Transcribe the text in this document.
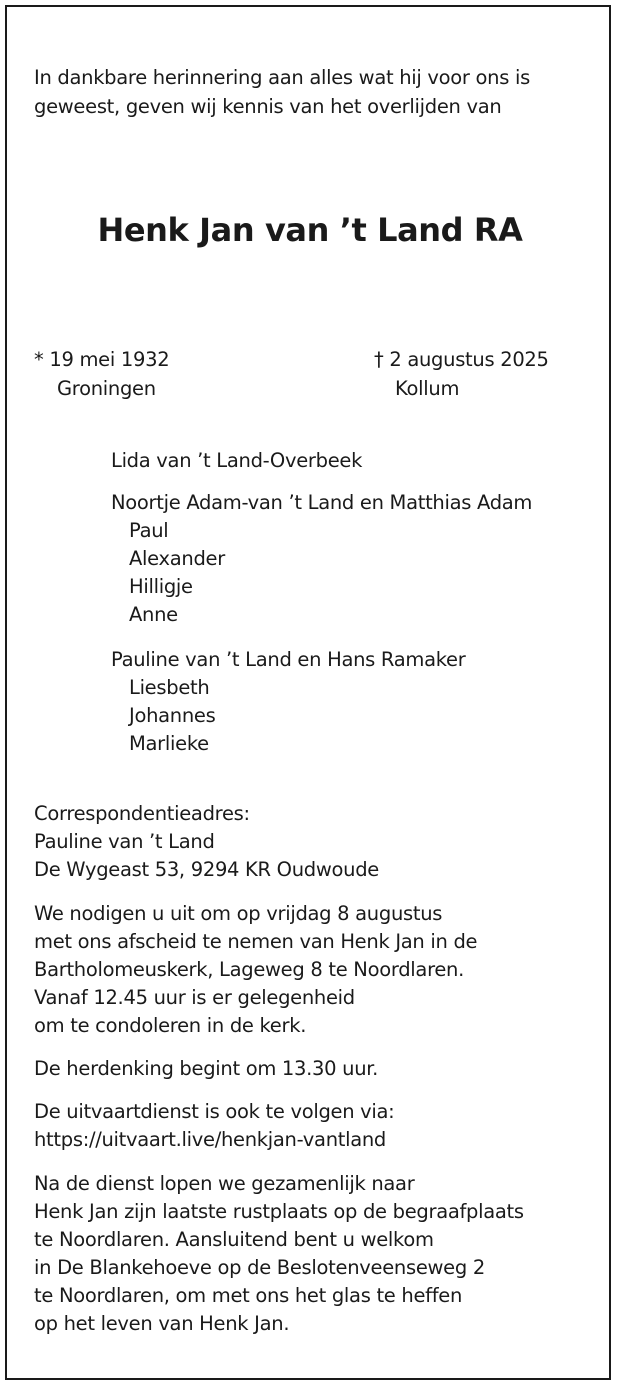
In dankbare herinnering aan alles wat hij voor ons is

geweest, geven wij kennis van het overlijden van

Henk Jan van ’t Land RA

* 19 mei 1932

Groningen

† 2 augustus 2025

Kollum

Lida van ’t Land-Overbeek

Noortje Adam-van ’t Land en Matthias Adam

Paul

Alexander

Hilligje

Anne

Pauline van ’t Land en Hans Ramaker

Liesbeth

Johannes

Marlieke

Correspondentieadres:

Pauline van ’t Land

De Wygeast 53, 9294 KR Oudwoude

We nodigen u uit om op vrijdag 8 augustus

met ons afscheid te nemen van Henk Jan in de

Bartholomeuskerk, Lageweg 8 te Noordlaren.

Vanaf 12.45 uur is er gelegenheid

om te condoleren in de kerk.

De herdenking begint om 13.30 uur.

De uitvaartdienst is ook te volgen via:

https://uitvaart.live/henkjan-vantland

Na de dienst lopen we gezamenlijk naar

Henk Jan zijn laatste rustplaats op de begraafplaats

te Noordlaren. Aansluitend bent u welkom

in De Blankehoeve op de Beslotenveenseweg 2

te Noordlaren, om met ons het glas te heffen

op het leven van Henk Jan.
